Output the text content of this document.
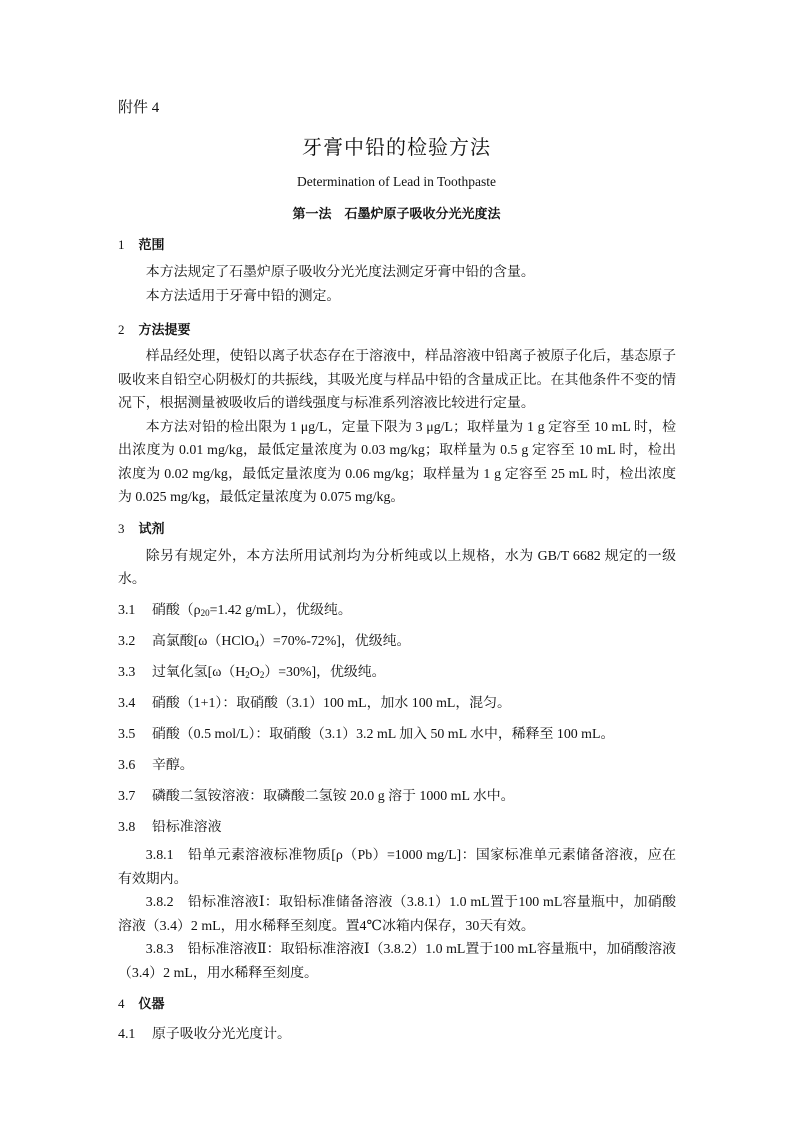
附件 4
牙膏中铅的检验方法
Determination of Lead in Toothpaste
第一法　石墨炉原子吸收分光光度法
1 范围
本方法规定了石墨炉原子吸收分光光度法测定牙膏中铅的含量。
本方法适用于牙膏中铅的测定。
2 方法提要
样品经处理，使铅以离子状态存在于溶液中，样品溶液中铅离子被原子化后，基态原子吸收来自铅空心阴极灯的共振线，其吸光度与样品中铅的含量成正比。在其他条件不变的情况下，根据测量被吸收后的谱线强度与标准系列溶液比较进行定量。
本方法对铅的检出限为 1 μg/L，定量下限为 3 μg/L；取样量为 1 g 定容至 10 mL 时，检出浓度为 0.01 mg/kg，最低定量浓度为 0.03 mg/kg；取样量为 0.5 g 定容至 10 mL 时，检出浓度为 0.02 mg/kg，最低定量浓度为 0.06 mg/kg；取样量为 1 g 定容至 25 mL 时，检出浓度为 0.025 mg/kg，最低定量浓度为 0.075 mg/kg。
3 试剂
除另有规定外，本方法所用试剂均为分析纯或以上规格，水为 GB/T 6682 规定的一级水。
3.1 硝酸（$\rho_{20}=1.42$ g/mL），优级纯。
3.2 高氯酸[ω（HClO$_4$）=70%-72%]，优级纯。
3.3 过氧化氢$[\omega(H_2O_2)=30\%]$，优级纯。
3.4 硝酸（1+1）：取硝酸（3.1）100 mL，加水 100 mL，混匀。
3.5 硝酸（0.5 mol/L）：取硝酸（3.1）3.2 mL 加入 50 mL 水中，稀释至 100 mL。
3.6 辛醇。
3.7 磷酸二氢铵溶液：取磷酸二氢铵 20.0 g 溶于 1000 mL 水中。
3.8 铅标准溶液
3.8.1 铅单元素溶液标准物质[ρ（Pb）=1000 mg/L]：国家标准单元素储备溶液，应在有效期内。
3.8.2 铅标准溶液Ⅰ：取铅标准储备溶液（3.8.1）1.0 mL置于100 mL容量瓶中，加硝酸溶液（3.4）2 mL，用水稀释至刻度。置4℃冰箱内保存，30天有效。
3.8.3 铅标准溶液Ⅱ：取铅标准溶液Ⅰ（3.8.2）1.0 mL置于100 mL容量瓶中，加硝酸溶液（3.4）2 mL，用水稀释至刻度。
4 仪器
4.1 原子吸收分光光度计。
